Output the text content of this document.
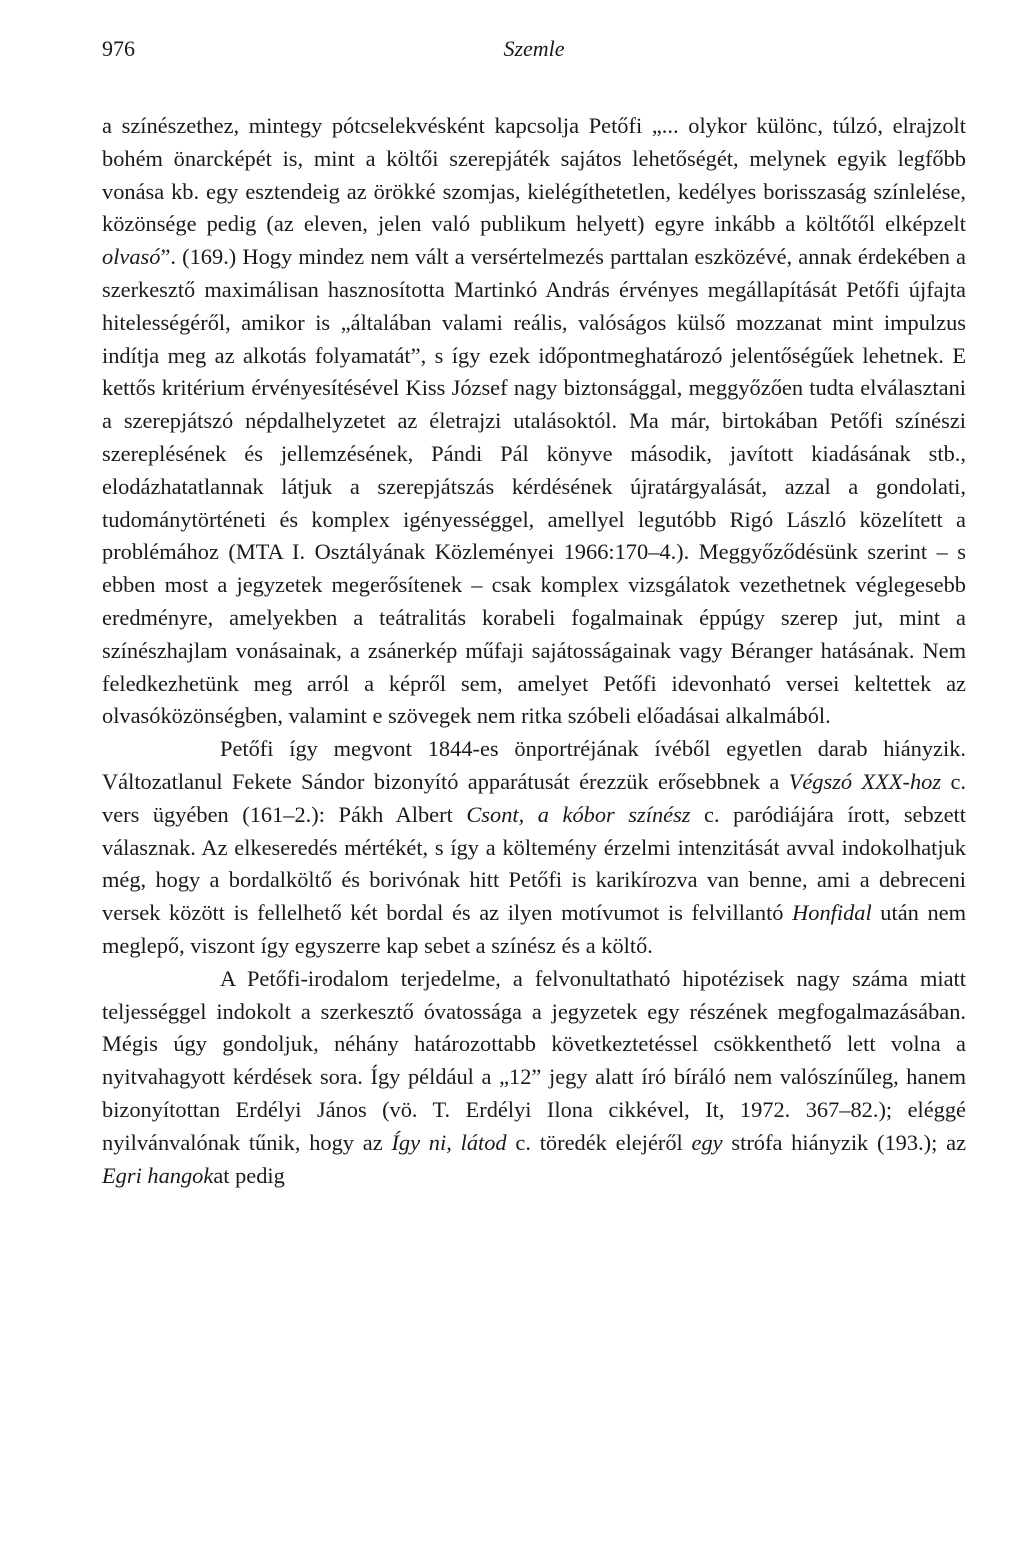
976	Szemle

a színészethez, mintegy pótcselekvésként kapcsolja Petőfi „... olykor különc, túlzó, elrajzolt bohém önarcképét is, mint a költői szerepjáték sajátos lehetőségét, melynek egyik legfőbb vonása kb. egy esztendeig az örökké szomjas, kielégíthetetlen, kedélyes borisszaság színlelése, közönsége pedig (az eleven, jelen való publikum helyett) egyre inkább a költőtől elképzelt olvasó”. (169.) Hogy mindez nem vált a versértelmezés parttalan eszközévé, annak érdekében a szerkesztő maximálisan hasznosította Martinkó András érvényes megállapítását Petőfi újfajta hitelességéről, amikor is „általában valami reális, valóságos külső mozzanat mint impulzus indítja meg az alkotás folyamatát”, s így ezek időpontmeghatározó jelentőségűek lehetnek. E kettős kritérium érvényesítésével Kiss József nagy biztonsággal, meggyőzően tudta elválasztani a szerepjátszó népdalhelyzetet az életrajzi utalásoktól. Ma már, birtokában Petőfi színészi szereplésének és jellemzésének, Pándi Pál könyve második, javított kiadásának stb., elodázhatatlannak látjuk a szerepjátszás kérdésének újratárgyalását, azzal a gondolati, tudománytörténeti és komplex igényességgel, amellyel legutóbb Rigó László közelített a problémához (MTA I. Osztályának Közleményei 1966:170–4.). Meggyőződésünk szerint – s ebben most a jegyzetek megerősítenek – csak komplex vizsgálatok vezethetnek véglegesebb eredményre, amelyekben a teátralitás korabeli fogalmainak éppúgy szerep jut, mint a színészhajlam vonásainak, a zsánerkép műfaji sajátosságainak vagy Béranger hatásának. Nem feledkezhetünk meg arról a képről sem, amelyet Petőfi idevonható versei keltettek az olvasóközönségben, valamint e szövegek nem ritka szóbeli előadásai alkalmából.

Petőfi így megvont 1844-es önportréjának ívéből egyetlen darab hiányzik. Változatlanul Fekete Sándor bizonyító apparátusát érezzük erősebbnek a Végszó XXX-hoz c. vers ügyében (161–2.): Pákh Albert Csont, a kóbor színész c. paródiájára írott, sebzett válasznak. Az elkeseredés mértékét, s így a költemény érzelmi intenzitását avval indokolhatjuk még, hogy a bordalköltő és borivónak hitt Petőfi is karikírozva van benne, ami a debreceni versek között is fellelhető két bordal és az ilyen motívumot is felvillantó Honfidal után nem meglepő, viszont így egyszerre kap sebet a színész és a költő.

A Petőfi-irodalom terjedelme, a felvonultatható hipotézisek nagy száma miatt teljességgel indokolt a szerkesztő óvatossága a jegyzetek egy részének megfogalmazásában. Mégis úgy gondoljuk, néhány határozottabb következtetéssel csökkenthető lett volna a nyitvahagyott kérdések sora. Így például a „12” jegy alatt író bíráló nem valószínűleg, hanem bizonyítottan Erdélyi János (vö. T. Erdélyi Ilona cikkével, It, 1972. 367–82.); eléggé nyilvánvalónak tűnik, hogy az Így ni, látod c. töredék elejéről egy strófa hiányzik (193.); az Egri hangokat pedig
